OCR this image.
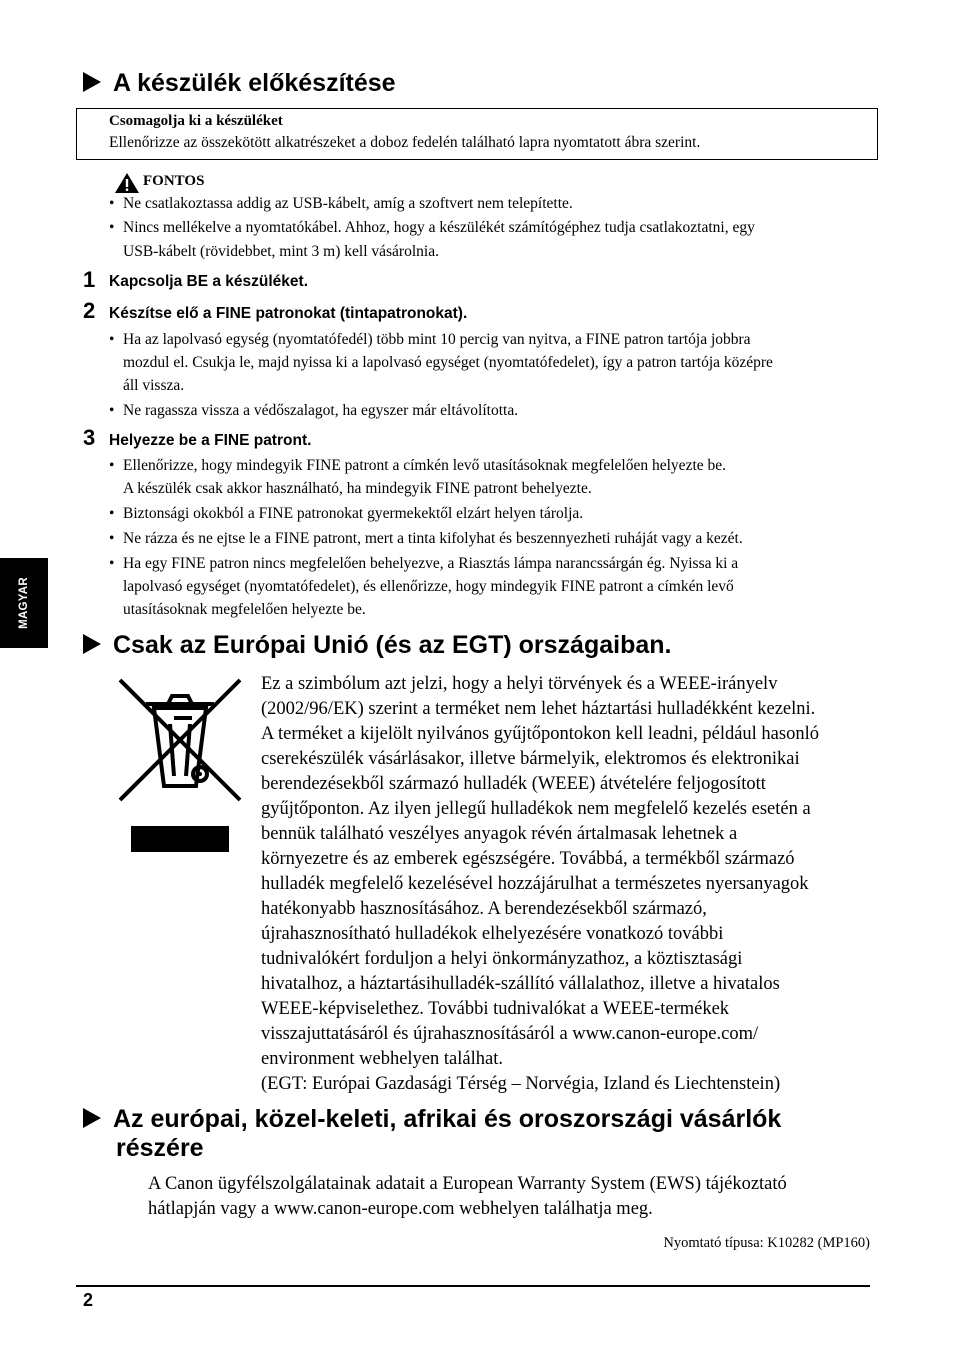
MAGYAR
A készülék előkészítése
Csomagolja ki a készüléket
Ellenőrizze az összekötött alkatrészeket a doboz fedelén található lapra nyomtatott ábra szerint.
FONTOS
• Ne csatlakoztassa addig az USB-kábelt, amíg a szoftvert nem telepítette.
• Nincs mellékelve a nyomtatókábel. Ahhoz, hogy a készülékét számítógéphez tudja csatlakoztatni, egy
USB-kábelt (rövidebbet, mint 3 m) kell vásárolnia.
1 Kapcsolja BE a készüléket.
2 Készítse elő a FINE patronokat (tintapatronokat).
• Ha az lapolvasó egység (nyomtatófedél) több mint 10 percig van nyitva, a FINE patron tartója jobbra
mozdul el. Csukja le, majd nyissa ki a lapolvasó egységet (nyomtatófedelet), így a patron tartója középre
áll vissza.
• Ne ragassza vissza a védőszalagot, ha egyszer már eltávolította.
3 Helyezze be a FINE patront.
• Ellenőrizze, hogy mindegyik FINE patront a címkén levő utasításoknak megfelelően helyezte be.
A készülék csak akkor használható, ha mindegyik FINE patront behelyezte.
• Biztonsági okokból a FINE patronokat gyermekektől elzárt helyen tárolja.
• Ne rázza és ne ejtse le a FINE patront, mert a tinta kifolyhat és beszennyezheti ruháját vagy a kezét.
• Ha egy FINE patron nincs megfelelően behelyezve, a Riasztás lámpa narancssárgán ég. Nyissa ki a
lapolvasó egységet (nyomtatófedelet), és ellenőrizze, hogy mindegyik FINE patront a címkén levő
utasításoknak megfelelően helyezte be.
Csak az Európai Unió (és az EGT) országaiban.
Ez a szimbólum azt jelzi, hogy a helyi törvények és a WEEE-irányelv
(2002/96/EK) szerint a terméket nem lehet háztartási hulladékként kezelni.
A terméket a kijelölt nyilvános gyűjtőpontokon kell leadni, például hasonló
cserekészülék vásárlásakor, illetve bármelyik, elektromos és elektronikai
berendezésekből származó hulladék (WEEE) átvételére feljogosított
gyűjtőponton. Az ilyen jellegű hulladékok nem megfelelő kezelés esetén a
bennük található veszélyes anyagok révén ártalmasak lehetnek a
környezetre és az emberek egészségére. Továbbá, a termékből származó
hulladék megfelelő kezelésével hozzájárulhat a természetes nyersanyagok
hatékonyabb hasznosításához. A berendezésekből származó,
újrahasznosítható hulladékok elhelyezésére vonatkozó további
tudnivalókért forduljon a helyi önkormányzathoz, a köztisztasági
hivatalhoz, a háztartásihulladék-szállító vállalathoz, illetve a hivatalos
WEEE-képviselethez. További tudnivalókat a WEEE-termékek
visszajuttatásáról és újrahasznosításáról a www.canon-europe.com/
environment webhelyen találhat.
(EGT: Európai Gazdasági Térség – Norvégia, Izland és Liechtenstein)
Az európai, közel-keleti, afrikai és oroszországi vásárlók
részére
A Canon ügyfélszolgálatainak adatait a European Warranty System (EWS) tájékoztató
hátlapján vagy a www.canon-europe.com webhelyen találhatja meg.
Nyomtató típusa: K10282 (MP160)
2
